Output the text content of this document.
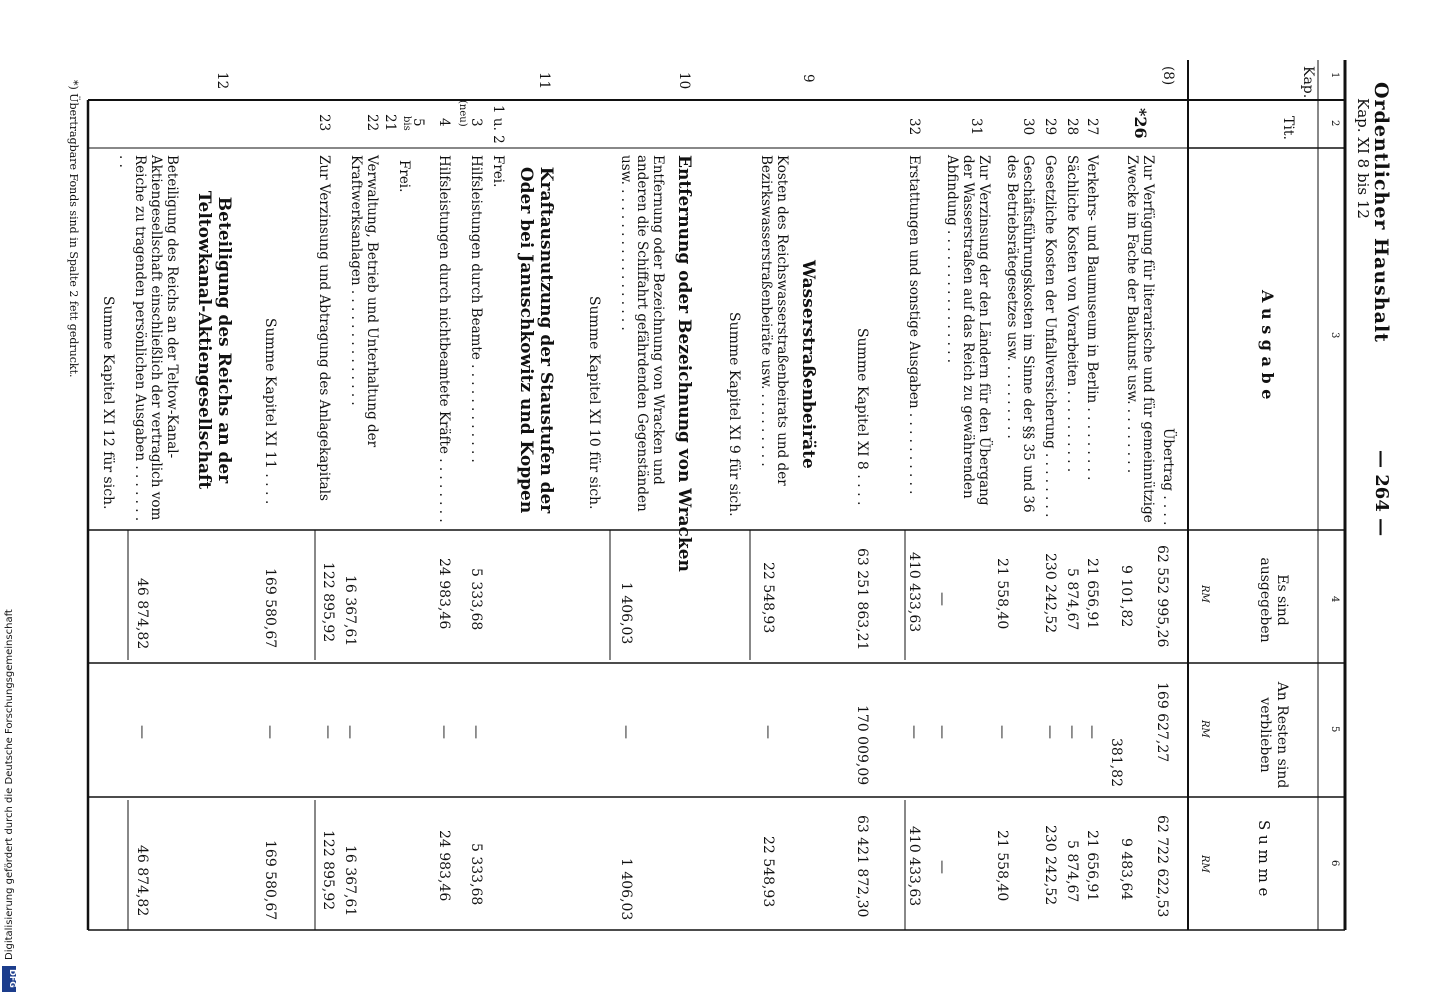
Ordentlicher Haushalt
Kap. XI 8 bis 12
— 264 —
1
2
3
4
5
6
Kap.
Tit.
A u s g a b e
Es sind ausgegeben
An Resten sind verblieben
S u m m e
RM
RM
RM
(8)
Übertrag . . . .
62 552 995,26
169 627,27
62 722 622,53
*26
Zur Verfügung für literarische und für gemeinnützige Zwecke im Fache der Baukunst usw. . . . . . . . .
9 101,82
381,82
9 483,64
27
Verkehrs- und Baumuseum in Berlin . . . . . . . . .
21 656,91
—
21 656,91
28
Sächliche Kosten von Vorarbeiten . . . . . . . . . .
5 874,67
—
5 874,67
29
Gesetzliche Kosten der Unfallversicherung . . . . . . . .
230 242,52
—
230 242,52
30
Geschäftsführungskosten im Sinne der §§ 35 und 36 des Betriebsrätegesetzes usw. . . . . . . . . .
21 558,40
—
21 558,40
31
Zur Verzinsung der den Ländern für den Übergang der Wasserstraßen auf das Reich zu gewährenden Abfindung . . . . . . . . . . . . . . . .
—
—
—
32
Erstattungen und sonstige Ausgaben . . . . . . . . . .
410 433,63
—
410 433,63
Summe Kapitel XI 8 . . . .
63 251 863,21
170 009,09
63 421 872,30
9
Wasserstraßenbeiräte
Kosten des Reichswasserstraßenbeirats und der Bezirkswasserstraßenbeiräte usw. . . . . . . . . .
Summe Kapitel XI 9 für sich.
22 548,93
—
22 548,93
10
Entfernung oder Bezeichnung von Wracken
Entfernung oder Bezeichnung von Wracken und anderen die Schiffahrt gefährdenden Gegenständen usw. . . . . . . . . . . . . . . . . .
Summe Kapitel XI 10 für sich.
1 406,03
—
1 406,03
11
Kraftausnutzung der Staustufen der Oder bei Januschkowitz und Koppen
1 u. 2
Frei.
3
Hilfsleistungen durch Beamte . . . . . . . . . . . .
5 333,68
—
5 333,68
(neu)
4
Hilfsleistungen durch nichtbeamtete Kräfte . . . . . . . .
24 983,46
—
24 983,46
5
bis
21
Frei.
22
Verwaltung, Betrieb und Unterhaltung der Kraftwerksanlagen . . . . . . . . . . . . . .
16 367,61
—
16 367,61
23
Zur Verzinsung und Abtragung des Anlagekapitals
122 895,92
—
122 895,92
Summe Kapitel XI 11 . . . .
169 580,67
—
169 580,67
12
Beteiligung des Reichs an der Teltowkanal-Aktiengesellschaft
Beteiligung des Reichs an der Teltow-Kanal-Aktiengesellschaft einschließlich der vertraglich vom Reiche zu tragenden persönlichen Ausgaben . . . . . . . . .
Summe Kapitel XI 12 für sich.
46 874,82
—
46 874,82
*) Übertragbare Fonds sind in Spalte 2 fett gedruckt.
Digitalisierung gefördert durch die Deutsche Forschungsgemeinschaft
DFG
